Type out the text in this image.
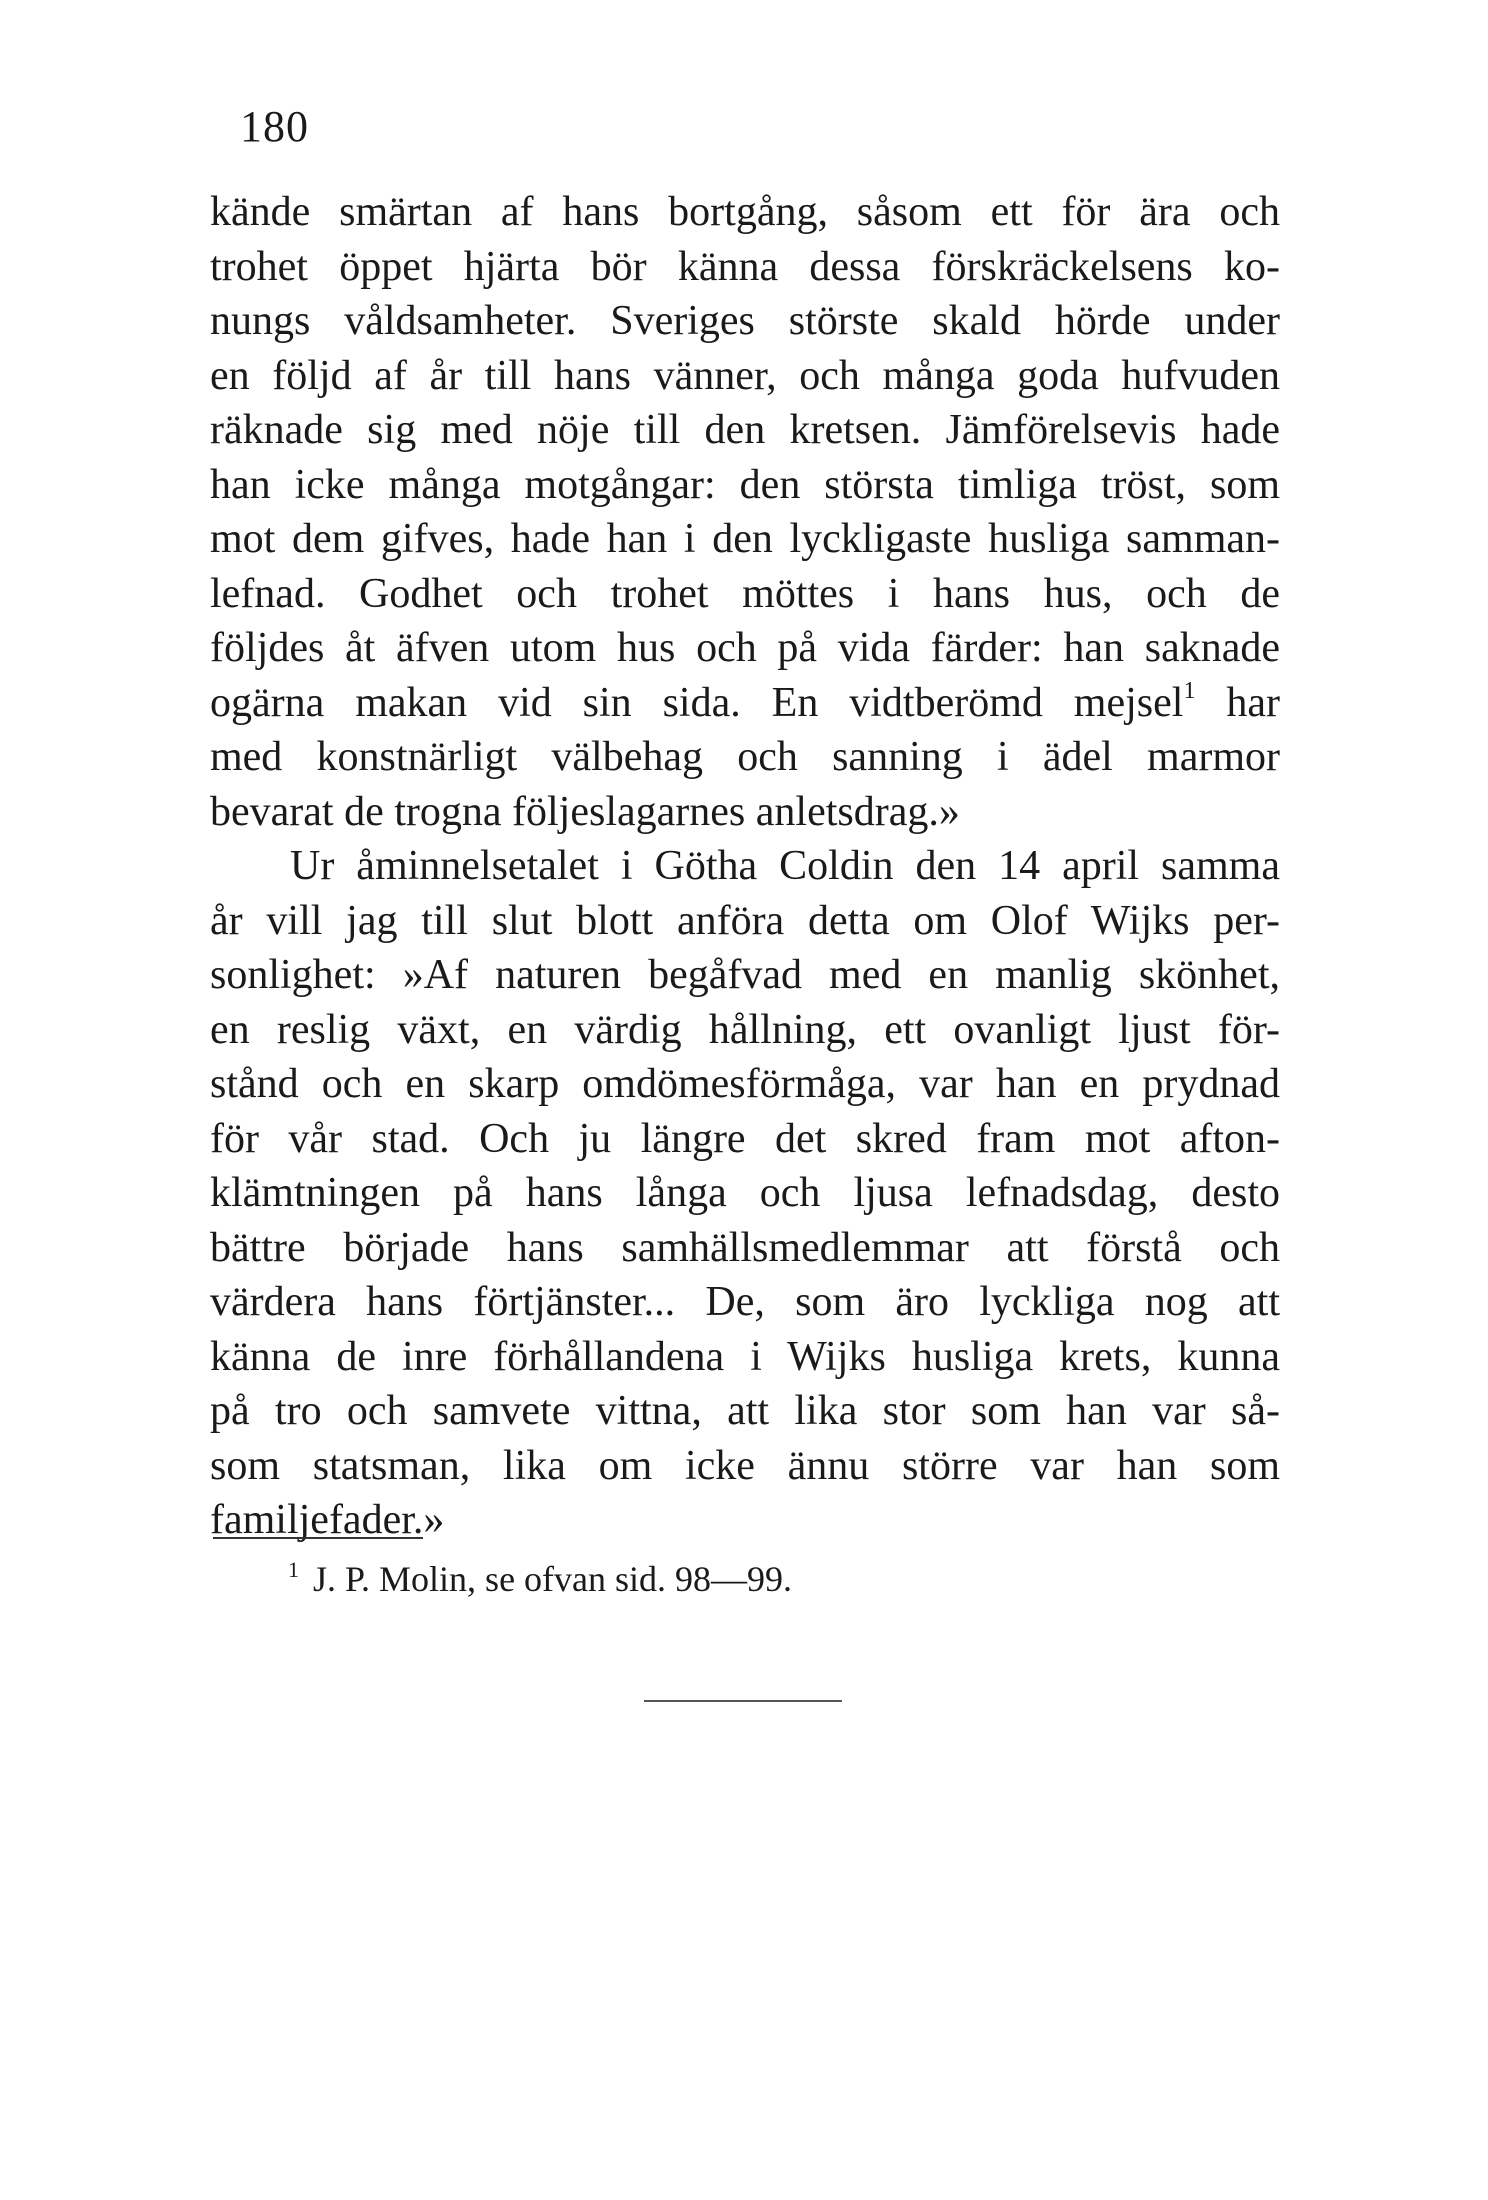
180
kände smärtan af hans bortgång, såsom ett för ära och
trohet öppet hjärta bör känna dessa förskräckelsens ko-
nungs våldsamheter. Sveriges störste skald hörde under
en följd af år till hans vänner, och många goda hufvuden
räknade sig med nöje till den kretsen. Jämförelsevis hade
han icke många motgångar: den största timliga tröst, som
mot dem gifves, hade han i den lyckligaste husliga samman-
lefnad. Godhet och trohet möttes i hans hus, och de
följdes åt äfven utom hus och på vida färder: han saknade
ogärna makan vid sin sida. En vidtberömd mejsel$^1$ har
med konstnärligt välbehag och sanning i ädel marmor
bevarat de trogna följeslagarnes anletsdrag.»
Ur åminnelsetalet i Götha Coldin den 14 april samma
år vill jag till slut blott anföra detta om Olof Wijks per-
sonlighet: »Af naturen begåfvad med en manlig skönhet,
en reslig växt, en värdig hållning, ett ovanligt ljust för-
stånd och en skarp omdömesförmåga, var han en prydnad
för vår stad. Och ju längre det skred fram mot afton-
klämtningen på hans långa och ljusa lefnadsdag, desto
bättre började hans samhällsmedlemmar att förstå och
värdera hans förtjänster... De, som äro lyckliga nog att
känna de inre förhållandena i Wijks husliga krets, kunna
på tro och samvete vittna, att lika stor som han var så-
som statsman, lika om icke ännu större var han som
familjefader.»
$^1$ J. P. Molin, se ofvan sid. 98—99.
